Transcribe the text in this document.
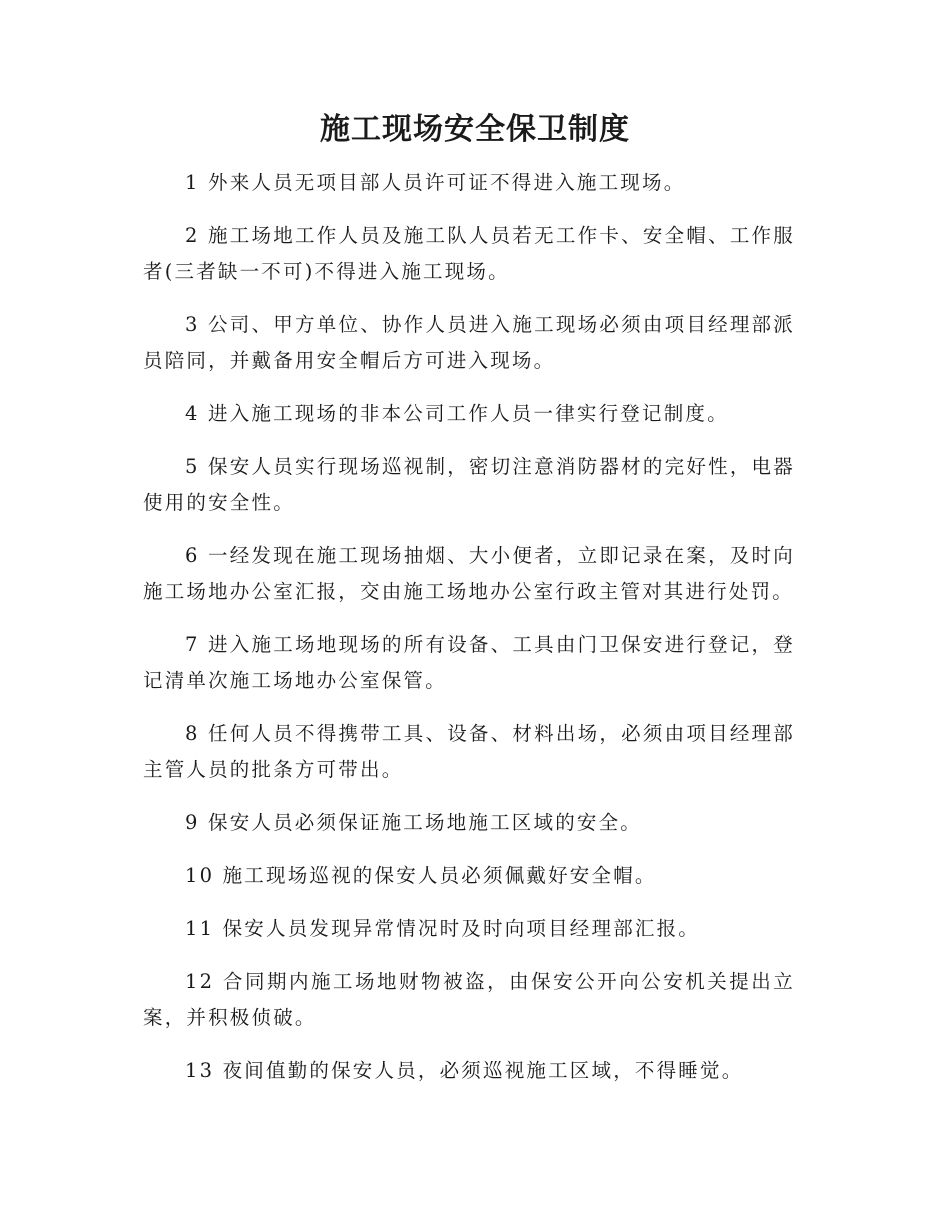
施工现场安全保卫制度

1 外来人员无项目部人员许可证不得进入施工现场。

2 施工场地工作人员及施工队人员若无工作卡、安全帽、工作服者(三者缺一不可)不得进入施工现场。

3 公司、甲方单位、协作人员进入施工现场必须由项目经理部派员陪同，并戴备用安全帽后方可进入现场。

4 进入施工现场的非本公司工作人员一律实行登记制度。

5 保安人员实行现场巡视制，密切注意消防器材的完好性，电器使用的安全性。

6 一经发现在施工现场抽烟、大小便者，立即记录在案，及时向施工场地办公室汇报，交由施工场地办公室行政主管对其进行处罚。

7 进入施工场地现场的所有设备、工具由门卫保安进行登记，登记清单次施工场地办公室保管。

8 任何人员不得携带工具、设备、材料出场，必须由项目经理部主管人员的批条方可带出。

9 保安人员必须保证施工场地施工区域的安全。

10 施工现场巡视的保安人员必须佩戴好安全帽。

11 保安人员发现异常情况时及时向项目经理部汇报。

12 合同期内施工场地财物被盗，由保安公开向公安机关提出立案，并积极侦破。

13 夜间值勤的保安人员，必须巡视施工区域，不得睡觉。
